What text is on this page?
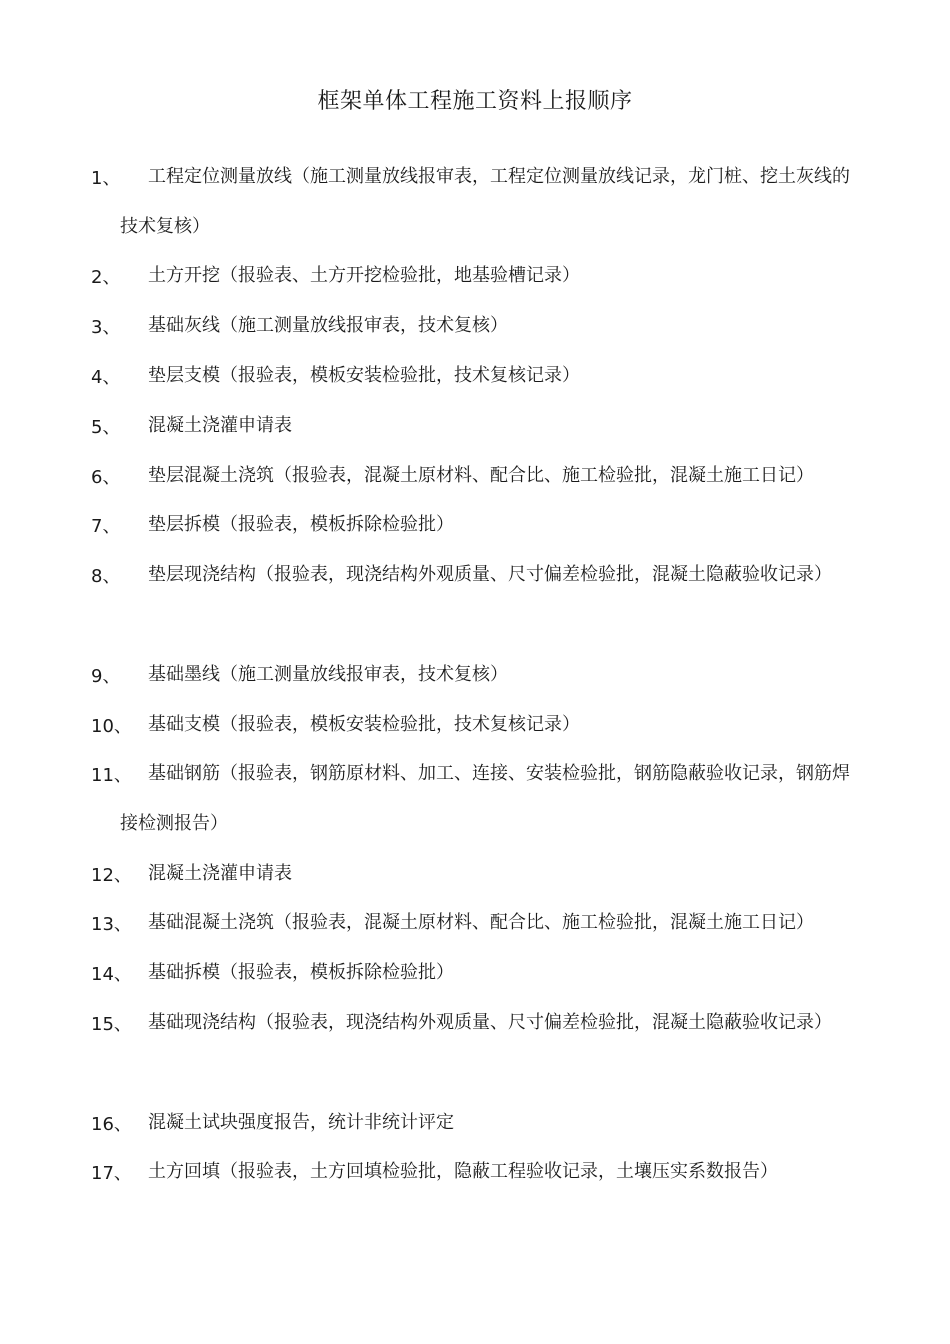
框架单体工程施工资料上报顺序
1、	工程定位测量放线（施工测量放线报审表，工程定位测量放线记录，龙门桩、挖土灰线的技术复核）
2、	土方开挖（报验表、土方开挖检验批，地基验槽记录）
3、	基础灰线（施工测量放线报审表，技术复核）
4、	垫层支模（报验表，模板安装检验批，技术复核记录）
5、	混凝土浇灌申请表
6、	垫层混凝土浇筑（报验表，混凝土原材料、配合比、施工检验批，混凝土施工日记）
7、	垫层拆模（报验表，模板拆除检验批）
8、	垫层现浇结构（报验表，现浇结构外观质量、尺寸偏差检验批，混凝土隐蔽验收记录）
9、	基础墨线（施工测量放线报审表，技术复核）
10、 基础支模（报验表，模板安装检验批，技术复核记录）
11、 基础钢筋（报验表，钢筋原材料、加工、连接、安装检验批，钢筋隐蔽验收记录，钢筋焊接检测报告）
12、 混凝土浇灌申请表
13、 基础混凝土浇筑（报验表，混凝土原材料、配合比、施工检验批，混凝土施工日记）
14、 基础拆模（报验表，模板拆除检验批）
15、 基础现浇结构（报验表，现浇结构外观质量、尺寸偏差检验批，混凝土隐蔽验收记录）
16、 混凝土试块强度报告，统计非统计评定
17、 土方回填（报验表，土方回填检验批，隐蔽工程验收记录，土壤压实系数报告）
